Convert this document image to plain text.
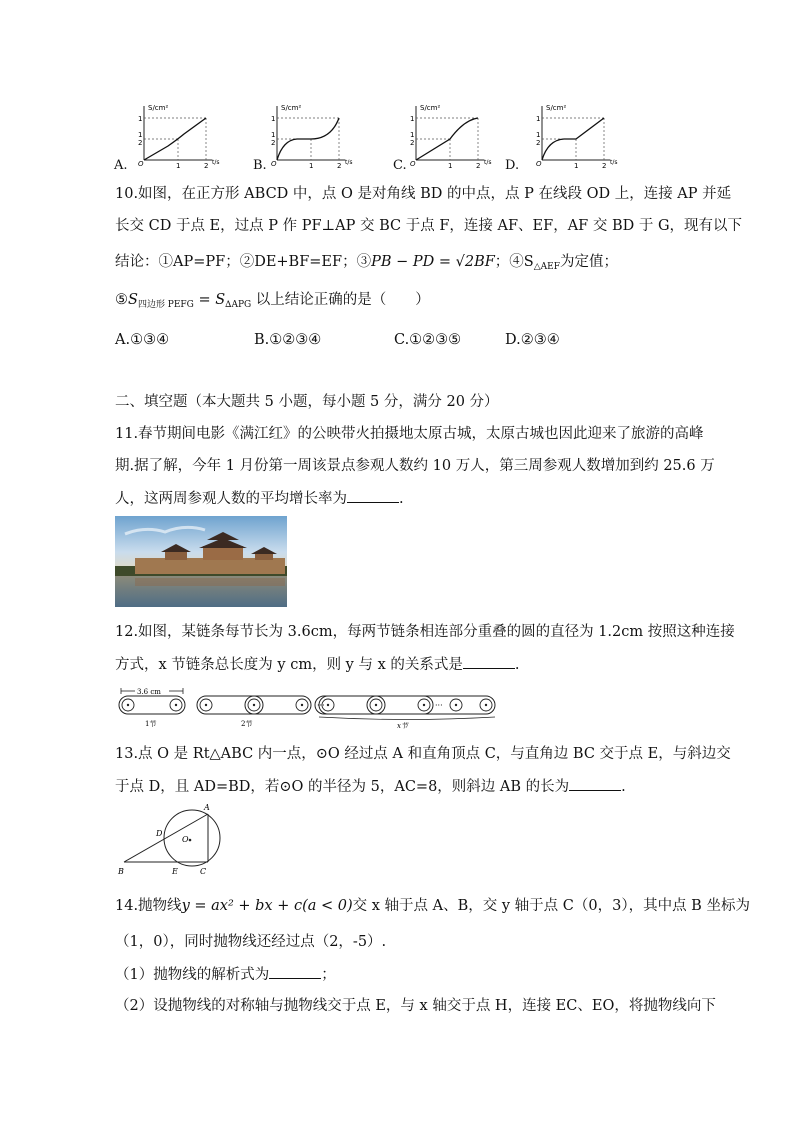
S/cm²
t/s
1
1
2
O	1	2
A.
S/cm²
t/s
1
1
2
O	1	2
B.
S/cm²
t/s
1
1
2
O	1	2
C.
S/cm²
t/s
1
1
2
O	1	2
D.
10.如图，在正方形 ABCD 中，点 O 是对角线 BD 的中点，点 P 在线段 OD 上，连接 AP 并延
长交 CD 于点 E，过点 P 作 PF⊥AP 交 BC 于点 F，连接 AF、EF，AF 交 BD 于 G，现有以下
结论：①AP=PF；②DE+BF=EF；③PB − PD = √2BF；$④S_{\triangle AEF}$为定值；
$⑤S_{四边形 PEFG} = S_{\Delta APG}$ 以上结论正确的是（　　）
A.①③④	B.①②③④	C.①②③⑤	D.②③④
二、填空题（本大题共 5 小题，每小题 5 分，满分 20 分）
11.春节期间电影《满江红》的公映带火拍摄地太原古城，太原古城也因此迎来了旅游的高峰
期.据了解，今年 1 月份第一周该景点参观人数约 10 万人，第三周参观人数增加到约 25.6 万
人，这两周参观人数的平均增长率为	.
12.如图，某链条每节长为 3.6cm，每两节链条相连部分重叠的圆的直径为 1.2cm 按照这种连接
方式，x 节链条总长度为 y cm，则 y 与 x 的关系式是	.
3.6 cm
1节	2节
···	···
x节
13.点 O 是 Rt△ABC 内一点，⊙O 经过点 A 和直角顶点 C，与直角边 BC 交于点 E，与斜边交
于点 D，且 AD=BD，若⊙O 的半径为 5，AC=8，则斜边 AB 的长为	.
A
B	C
D
E
O
14.抛物线y = ax² + bx + c(a < 0)交 x 轴于点 A、B，交 y 轴于点 C（0，3），其中点 B 坐标为
（1，0），同时抛物线还经过点（2，-5）.
（1）抛物线的解析式为	；
（2）设抛物线的对称轴与抛物线交于点 E，与 x 轴交于点 H，连接 EC、EO，将抛物线向下
